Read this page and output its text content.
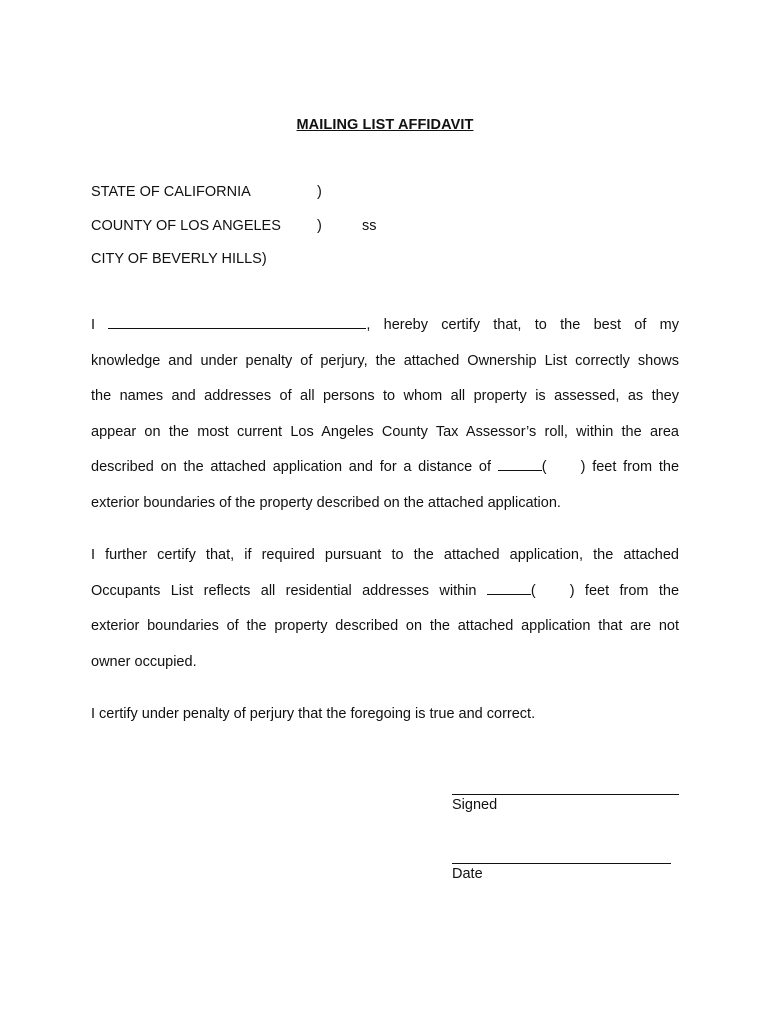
MAILING LIST AFFIDAVIT
STATE OF CALIFORNIA	)
COUNTY OF LOS ANGELES )	ss
CITY OF BEVERLY HILLS)
I	, hereby certify that, to the best of my
knowledge and under penalty of perjury, the attached Ownership List correctly shows
the names and addresses of all persons to whom all property is assessed, as they
appear on the most current Los Angeles County Tax Assessor’s roll, within the area
described on the attached application and for a distance of	( ) feet from the
exterior boundaries of the property described on the attached application.
I further certify that, if required pursuant to the attached application, the attached
Occupants List reflects all residential addresses within	( ) feet from the
exterior boundaries of the property described on the attached application that are not
owner occupied.
I certify under penalty of perjury that the foregoing is true and correct.
Signed
Date
